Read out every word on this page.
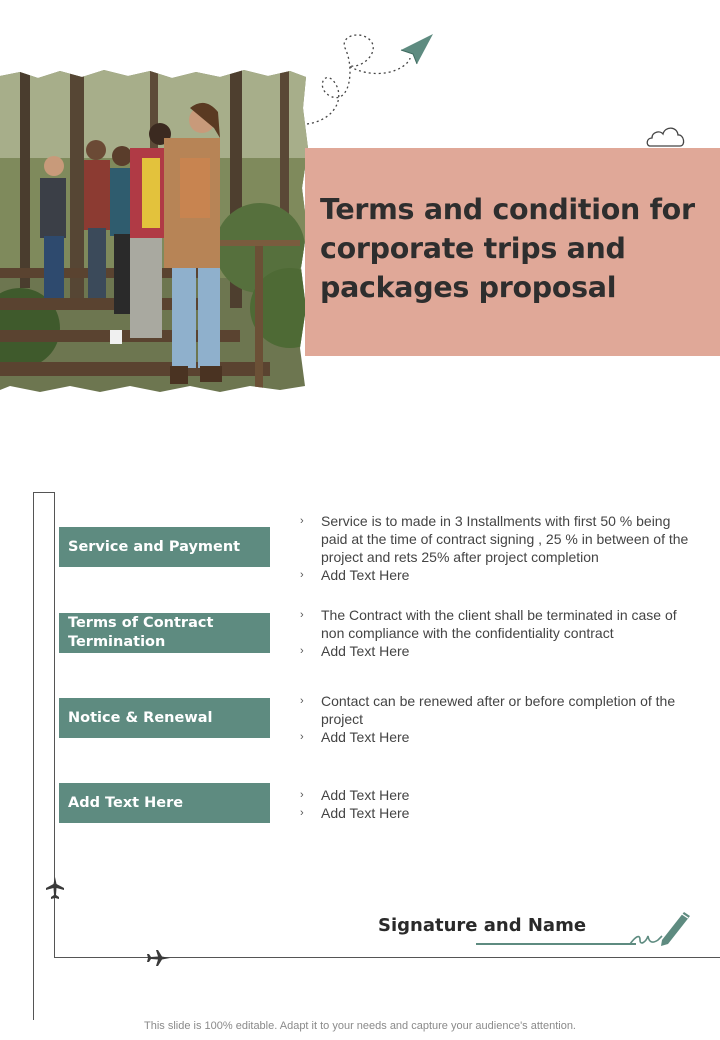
Terms and condition for corporate trips and packages proposal
Service and Payment
Terms of Contract Termination
Notice & Renewal
Add Text Here
› Service is to made in 3 Installments with first 50 % being paid at the time of contract signing , 25 % in between of the project and rets 25% after project completion
› Add Text Here
› The Contract with the client shall be terminated in case of non compliance with the confidentiality contract
› Add Text Here
› Contact can be renewed after or before completion of the project
› Add Text Here
› Add Text Here
› Add Text Here
Signature and Name
This slide is 100% editable. Adapt it to your needs and capture your audience's attention.
